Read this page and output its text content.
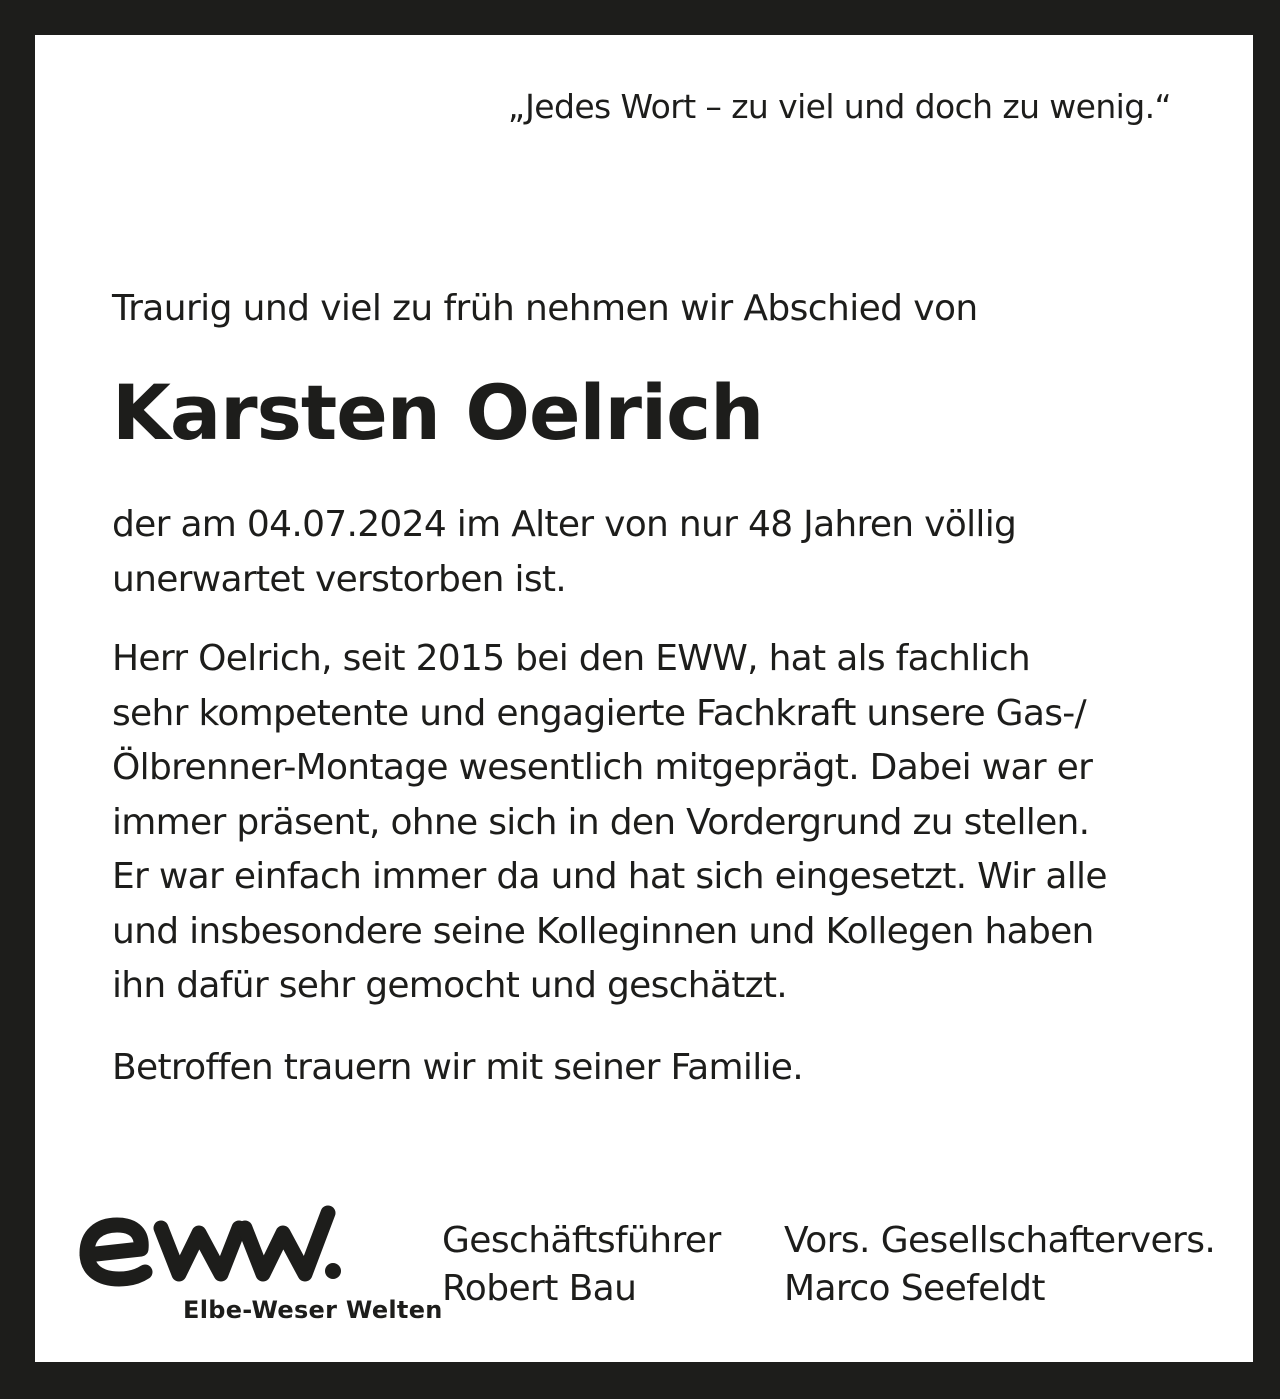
„Jedes Wort – zu viel und doch zu wenig.“
Traurig und viel zu früh nehmen wir Abschied von
Karsten Oelrich
der am 04.07.2024 im Alter von nur 48 Jahren völlig
unerwartet verstorben ist.
Herr Oelrich, seit 2015 bei den EWW, hat als fachlich
sehr kompetente und engagierte Fachkraft unsere Gas-/
Ölbrenner-Montage wesentlich mitgeprägt. Dabei war er
immer präsent, ohne sich in den Vordergrund zu stellen.
Er war einfach immer da und hat sich eingesetzt. Wir alle
und insbesondere seine Kolleginnen und Kollegen haben
ihn dafür sehr gemocht und geschätzt.
Betroffen trauern wir mit seiner Familie.
Elbe-Weser Welten
Geschäftsführer
Robert Bau
Vors. Gesellschaftervers.
Marco Seefeldt
